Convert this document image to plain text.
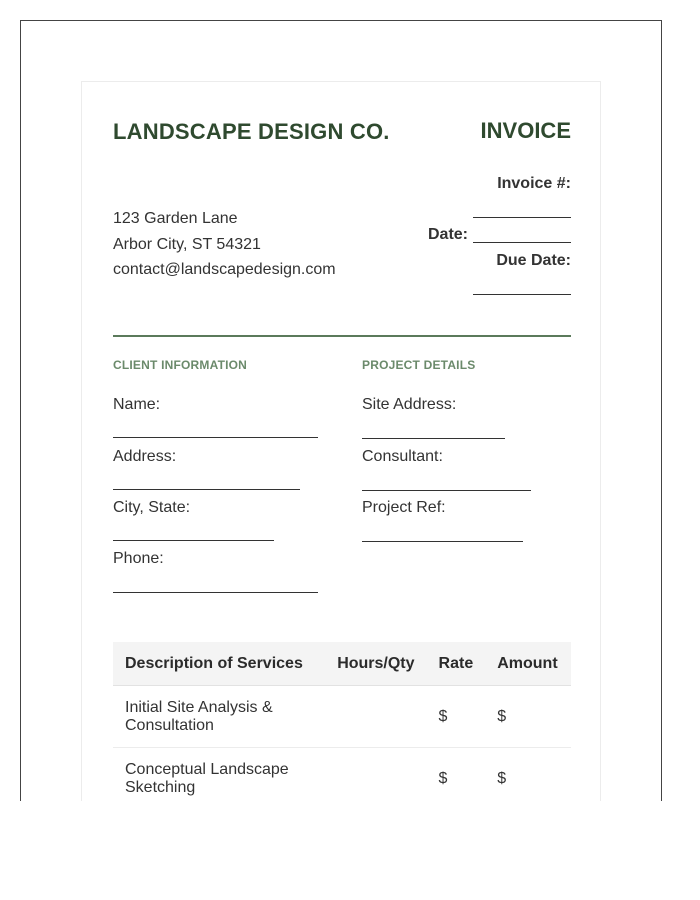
LANDSCAPE DESIGN CO.
123 Garden Lane
Arbor City, ST 54321
contact@landscapedesign.com
INVOICE
Invoice #:
Date:
Due Date:
CLIENT INFORMATION
Name:
Address:
City, State:
Phone:
PROJECT DETAILS
Site Address:
Consultant:
Project Ref:
Description of Services	Hours/Qty	Rate	Amount
Initial Site Analysis & Consultation		$	$
Conceptual Landscape Sketching		$	$
